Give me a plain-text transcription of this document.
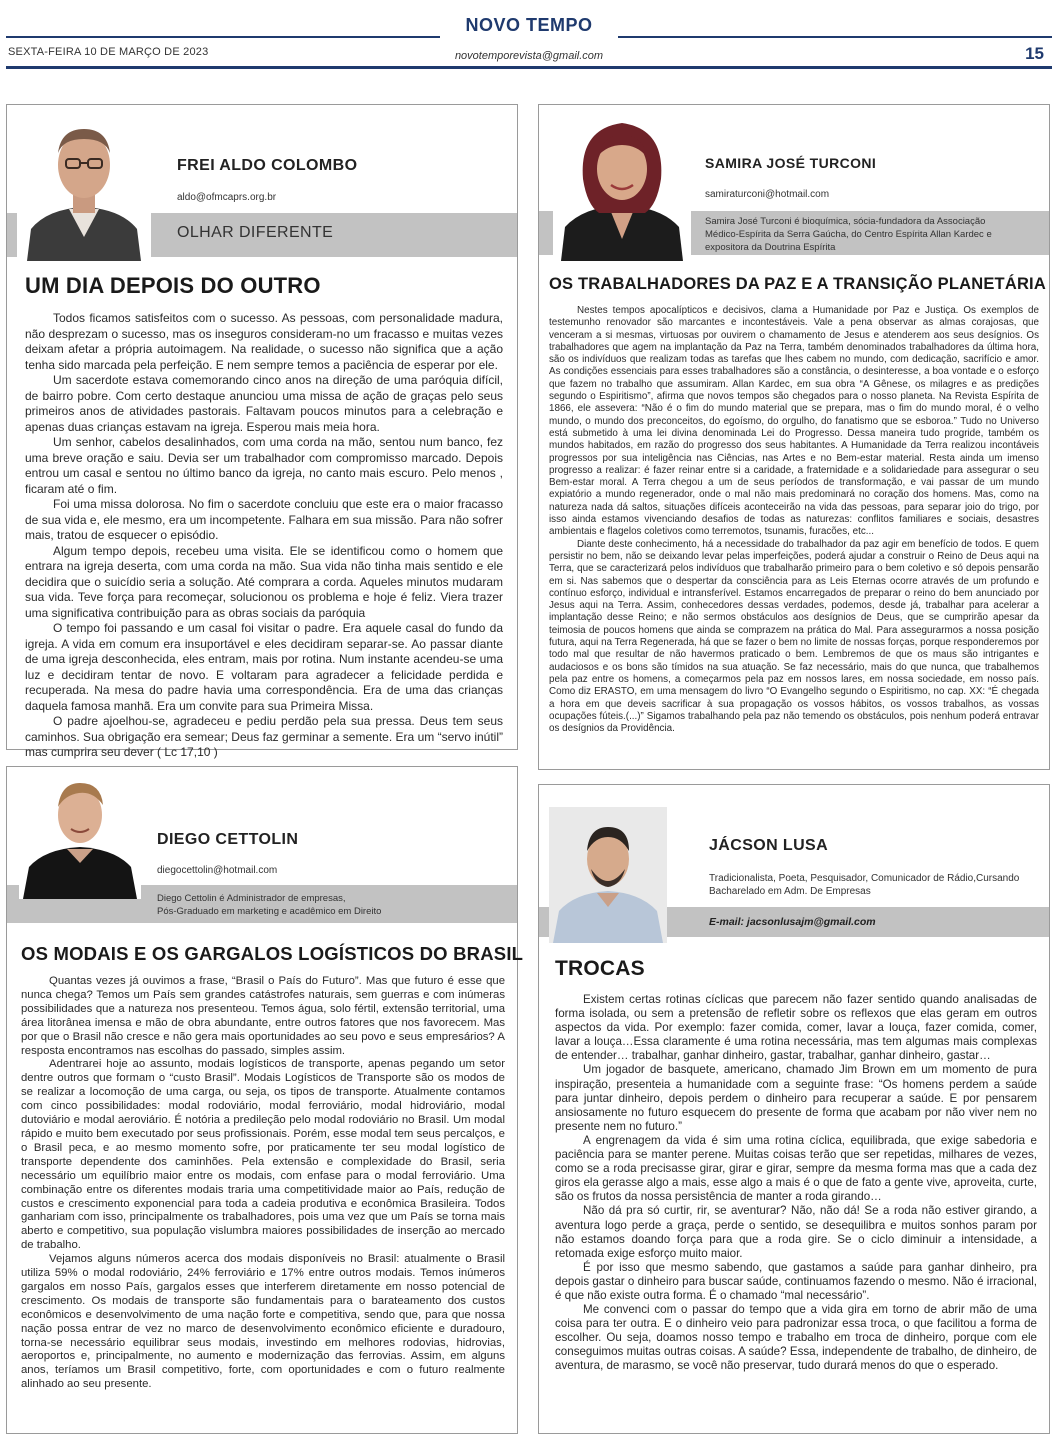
NOVO TEMPO
SEXTA-FEIRA 10 DE MARÇO DE 2023	novotemporevista@gmail.com	15
FREI ALDO COLOMBO
aldo@ofmcaprs.org.br
OLHAR DIFERENTE
UM DIA DEPOIS DO OUTRO

Todos ficamos satisfeitos com o sucesso. As pessoas, com personalidade madura, não desprezam o sucesso, mas os inseguros consideram-no um fracasso e muitas vezes deixam afetar a própria autoimagem. Na realidade, o sucesso não significa que a ação tenha sido marcada pela perfeição. E nem sempre temos a paciência de esperar por ele.

Um sacerdote estava comemorando cinco anos na direção de uma paróquia difícil, de bairro pobre. Com certo destaque anunciou uma missa de ação de graças pelo seus primeiros anos de atividades pastorais. Faltavam poucos minutos para a celebração e apenas duas crianças estavam na igreja. Esperou mais meia hora.

Um senhor, cabelos desalinhados, com uma corda na mão, sentou num banco, fez uma breve oração e saiu. Devia ser um trabalhador com compromisso marcado. Depois entrou um casal e sentou no último banco da igreja, no canto mais escuro. Pelo menos , ficaram até o fim.

Foi uma missa dolorosa. No fim o sacerdote concluiu que este era o maior fracasso de sua vida e, ele mesmo, era um incompetente. Falhara em sua missão. Para não sofrer mais, tratou de esquecer o episódio.

Algum tempo depois, recebeu uma visita. Ele se identificou como o homem que entrara na igreja deserta, com uma corda na mão. Sua vida não tinha mais sentido e ele decidira que o suicídio seria a solução. Até comprara a corda. Aqueles minutos mudaram sua vida. Teve força para recomeçar, solucionou os problema e hoje é feliz. Viera trazer uma significativa contribuição para as obras sociais da paróquia

O tempo foi passando e um casal foi visitar o padre. Era aquele casal do fundo da igreja. A vida em comum era insuportável e eles decidiram separar-se. Ao passar diante de uma igreja desconhecida, eles entram, mais por rotina. Num instante acendeu-se uma luz e decidiram tentar de novo. E voltaram para agradecer a felicidade perdida e recuperada. Na mesa do padre havia uma correspondência. Era de uma das crianças daquela famosa manhã. Era um convite para sua Primeira Missa.

O padre ajoelhou-se, agradeceu e pediu perdão pela sua pressa. Deus tem seus caminhos. Sua obrigação era semear; Deus faz germinar a semente. Era um “servo inútil” mas cumprira seu dever ( Lc 17,10 )

SAMIRA JOSÉ TURCONI
samiraturconi@hotmail.com
Samira José Turconi é bioquímica, sócia-fundadora da Associação Médico-Espírita da Serra Gaúcha, do Centro Espírita Allan Kardec e expositora da Doutrina Espírita
OS TRABALHADORES DA PAZ E A TRANSIÇÃO PLANETÁRIA

Nestes tempos apocalípticos e decisivos, clama a Humanidade por Paz e Justiça. Os exemplos de testemunho renovador são marcantes e incontestáveis. Vale a pena observar as almas corajosas, que venceram a si mesmas, virtuosas por ouvirem o chamamento de Jesus e atenderem aos seus desígnios. Os trabalhadores que agem na implantação da Paz na Terra, também denominados trabalhadores da última hora, são os indivíduos que realizam todas as tarefas que lhes cabem no mundo, com dedicação, sacrifício e amor. As condições essenciais para esses trabalhadores são a constância, o desinteresse, a boa vontade e o esforço que fazem no trabalho que assumiram. Allan Kardec, em sua obra “A Gênese, os milagres e as predições segundo o Espiritismo”, afirma que novos tempos são chegados para o nosso planeta. Na Revista Espírita de 1866, ele assevera: “Não é o fim do mundo material que se prepara, mas o fim do mundo moral, é o velho mundo, o mundo dos preconceitos, do egoísmo, do orgulho, do fanatismo que se esboroa.” Tudo no Universo está submetido à uma lei divina denominada Lei do Progresso. Dessa maneira tudo progride, também os mundos habitados, em razão do progresso dos seus habitantes. A Humanidade da Terra realizou incontáveis progressos por sua inteligência nas Ciências, nas Artes e no Bem-estar material. Resta ainda um imenso progresso a realizar: é fazer reinar entre si a caridade, a fraternidade e a solidariedade para assegurar o seu Bem-estar moral. A Terra chegou a um de seus períodos de transformação, e vai passar de um mundo expiatório a mundo regenerador, onde o mal não mais predominará no coração dos homens. Mas, como na natureza nada dá saltos, situações difíceis aconteceirão na vida das pessoas, para separar joio do trigo, por isso ainda estamos vivenciando desafios de todas as naturezas: conflitos familiares e sociais, desastres ambientais e flagelos coletivos como terremotos, tsunamis, furacões, etc...

Diante deste conhecimento, há a necessidade do trabalhador da paz agir em benefício de todos. E quem persistir no bem, não se deixando levar pelas imperfeições, poderá ajudar a construir o Reino de Deus aqui na Terra, que se caracterizará pelos indivíduos que trabalharão primeiro para o bem coletivo e só depois pensarão em si. Nas sabemos que o despertar da consciência para as Leis Eternas ocorre através de um profundo e contínuo esforço, individual e intransferível. Estamos encarregados de preparar o reino do bem anunciado por Jesus aqui na Terra. Assim, conhecedores dessas verdades, podemos, desde já, trabalhar para acelerar a implantação desse Reino; e não sermos obstáculos aos desígnios de Deus, que se cumprirão apesar da teimosia de poucos homens que ainda se comprazem na prática do Mal. Para assegurarmos a nossa posição futura, aqui na Terra Regenerada, há que se fazer o bem no limite de nossas forças, porque responderemos por todo mal que resultar de não havermos praticado o bem. Lembremos de que os maus são intrigantes e audaciosos e os bons são tímidos na sua atuação. Se faz necessário, mais do que nunca, que trabalhemos pela paz entre os homens, a começarmos pela paz em nossos lares, em nossa sociedade, em nosso país. Como diz ERASTO, em uma mensagem do livro “O Evangelho segundo o Espiritismo, no cap. XX: “É chegada a hora em que deveis sacrificar à sua propagação os vossos hábitos, os vossos trabalhos, as vossas ocupações fúteis.(...)” Sigamos trabalhando pela paz não temendo os obstáculos, pois nenhum poderá entravar os desígnios da Providência.

DIEGO CETTOLIN
diegocettolin@hotmail.com
Diego Cettolin é Administrador de empresas,
Pós-Graduado em marketing e acadêmico em Direito
OS MODAIS E OS GARGALOS LOGÍSTICOS DO BRASIL

Quantas vezes já ouvimos a frase, “Brasil o País do Futuro”. Mas que futuro é esse que nunca chega? Temos um País sem grandes catástrofes naturais, sem guerras e com inúmeras possibilidades que a natureza nos presenteou. Temos água, solo fértil, extensão territorial, uma área litorânea imensa e mão de obra abundante, entre outros fatores que nos favorecem. Mas por que o Brasil não cresce e não gera mais oportunidades ao seu povo e seus empresários? A resposta encontramos nas escolhas do passado, simples assim.

Adentrarei hoje ao assunto, modais logísticos de transporte, apenas pegando um setor dentre outros que formam o “custo Brasil”. Modais Logísticos de Transporte são os modos de se realizar a locomoção de uma carga, ou seja, os tipos de transporte. Atualmente contamos com cinco possibilidades: modal rodoviário, modal ferroviário, modal hidroviário, modal dutoviário e modal aeroviário. É notória a predileção pelo modal rodoviário no Brasil. Um modal rápido e muito bem executado por seus profissionais. Porém, esse modal tem seus percalços, e o Brasil peca, e ao mesmo momento sofre, por praticamente ter seu modal logístico de transporte dependente dos caminhões. Pela extensão e complexidade do Brasil, seria necessário um equilíbrio maior entre os modais, com enfase para o modal ferroviário. Uma combinação entre os diferentes modais traria uma competitividade maior ao País, redução de custos e crescimento exponencial para toda a cadeia produtiva e econômica Brasileira. Todos ganhariam com isso, principalmente os trabalhadores, pois uma vez que um País se torna mais aberto e competitivo, sua população vislumbra maiores possibilidades de inserção ao mercado de trabalho.

Vejamos alguns números acerca dos modais disponíveis no Brasil: atualmente o Brasil utiliza 59% o modal rodoviário, 24% ferroviário e 17% entre outros modais. Temos inúmeros gargalos em nosso País, gargalos esses que interferem diretamente em nosso potencial de crescimento. Os modais de transporte são fundamentais para o barateamento dos custos econômicos e desenvolvimento de uma nação forte e competitiva, sendo que, para que nossa nação possa entrar de vez no marco de desenvolvimento econômico eficiente e duradouro, torna-se necessário equilibrar seus modais, investindo em melhores rodovias, hidrovias, aeroportos e, principalmente, no aumento e modernização das ferrovias. Assim, em alguns anos, teríamos um Brasil competitivo, forte, com oportunidades e com o futuro realmente alinhado ao seu presente.

JÁCSON LUSA
Tradicionalista, Poeta, Pesquisador, Comunicador de Rádio,Cursando
Bacharelado em Adm. De Empresas
E-mail: jacsonlusajm@gmail.com
TROCAS

Existem certas rotinas cíclicas que parecem não fazer sentido quando analisadas de forma isolada, ou sem a pretensão de refletir sobre os reflexos que elas geram em outros aspectos da vida. Por exemplo: fazer comida, comer, lavar a louça, fazer comida, comer, lavar a louça…Essa claramente é uma rotina necessária, mas tem algumas mais complexas de entender… trabalhar, ganhar dinheiro, gastar, trabalhar, ganhar dinheiro, gastar…

Um jogador de basquete, americano, chamado Jim Brown em um momento de pura inspiração, presenteia a humanidade com a seguinte frase: “Os homens perdem a saúde para juntar dinheiro, depois perdem o dinheiro para recuperar a saúde. E por pensarem ansiosamente no futuro esquecem do presente de forma que acabam por não viver nem no presente nem no futuro.”

A engrenagem da vida é sim uma rotina cíclica, equilibrada, que exige sabedoria e paciência para se manter perene. Muitas coisas terão que ser repetidas, milhares de vezes, como se a roda precisasse girar, girar e girar, sempre da mesma forma mas que a cada dez giros ela gerasse algo a mais, esse algo a mais é o que de fato a gente vive, aproveita, curte, são os frutos da nossa persistência de manter a roda girando…

Não dá pra só curtir, rir, se aventurar? Não, não dá! Se a roda não estiver girando, a aventura logo perde a graça, perde o sentido, se desequilibra e muitos sonhos param por não estamos doando força para que a roda gire. Se o ciclo diminuir a intensidade, a retomada exige esforço muito maior.

É por isso que mesmo sabendo, que gastamos a saúde para ganhar dinheiro, pra depois gastar o dinheiro para buscar saúde, continuamos fazendo o mesmo. Não é irracional, é que não existe outra forma. É o chamado “mal necessário”.

Me convenci com o passar do tempo que a vida gira em torno de abrir mão de uma coisa para ter outra. E o dinheiro veio para padronizar essa troca, o que facilitou a forma de escolher. Ou seja, doamos nosso tempo e trabalho em troca de dinheiro, porque com ele conseguimos muitas outras coisas. A saúde? Essa, independente de trabalho, de dinheiro, de aventura, de marasmo, se você não preservar, tudo durará menos do que o esperado.
